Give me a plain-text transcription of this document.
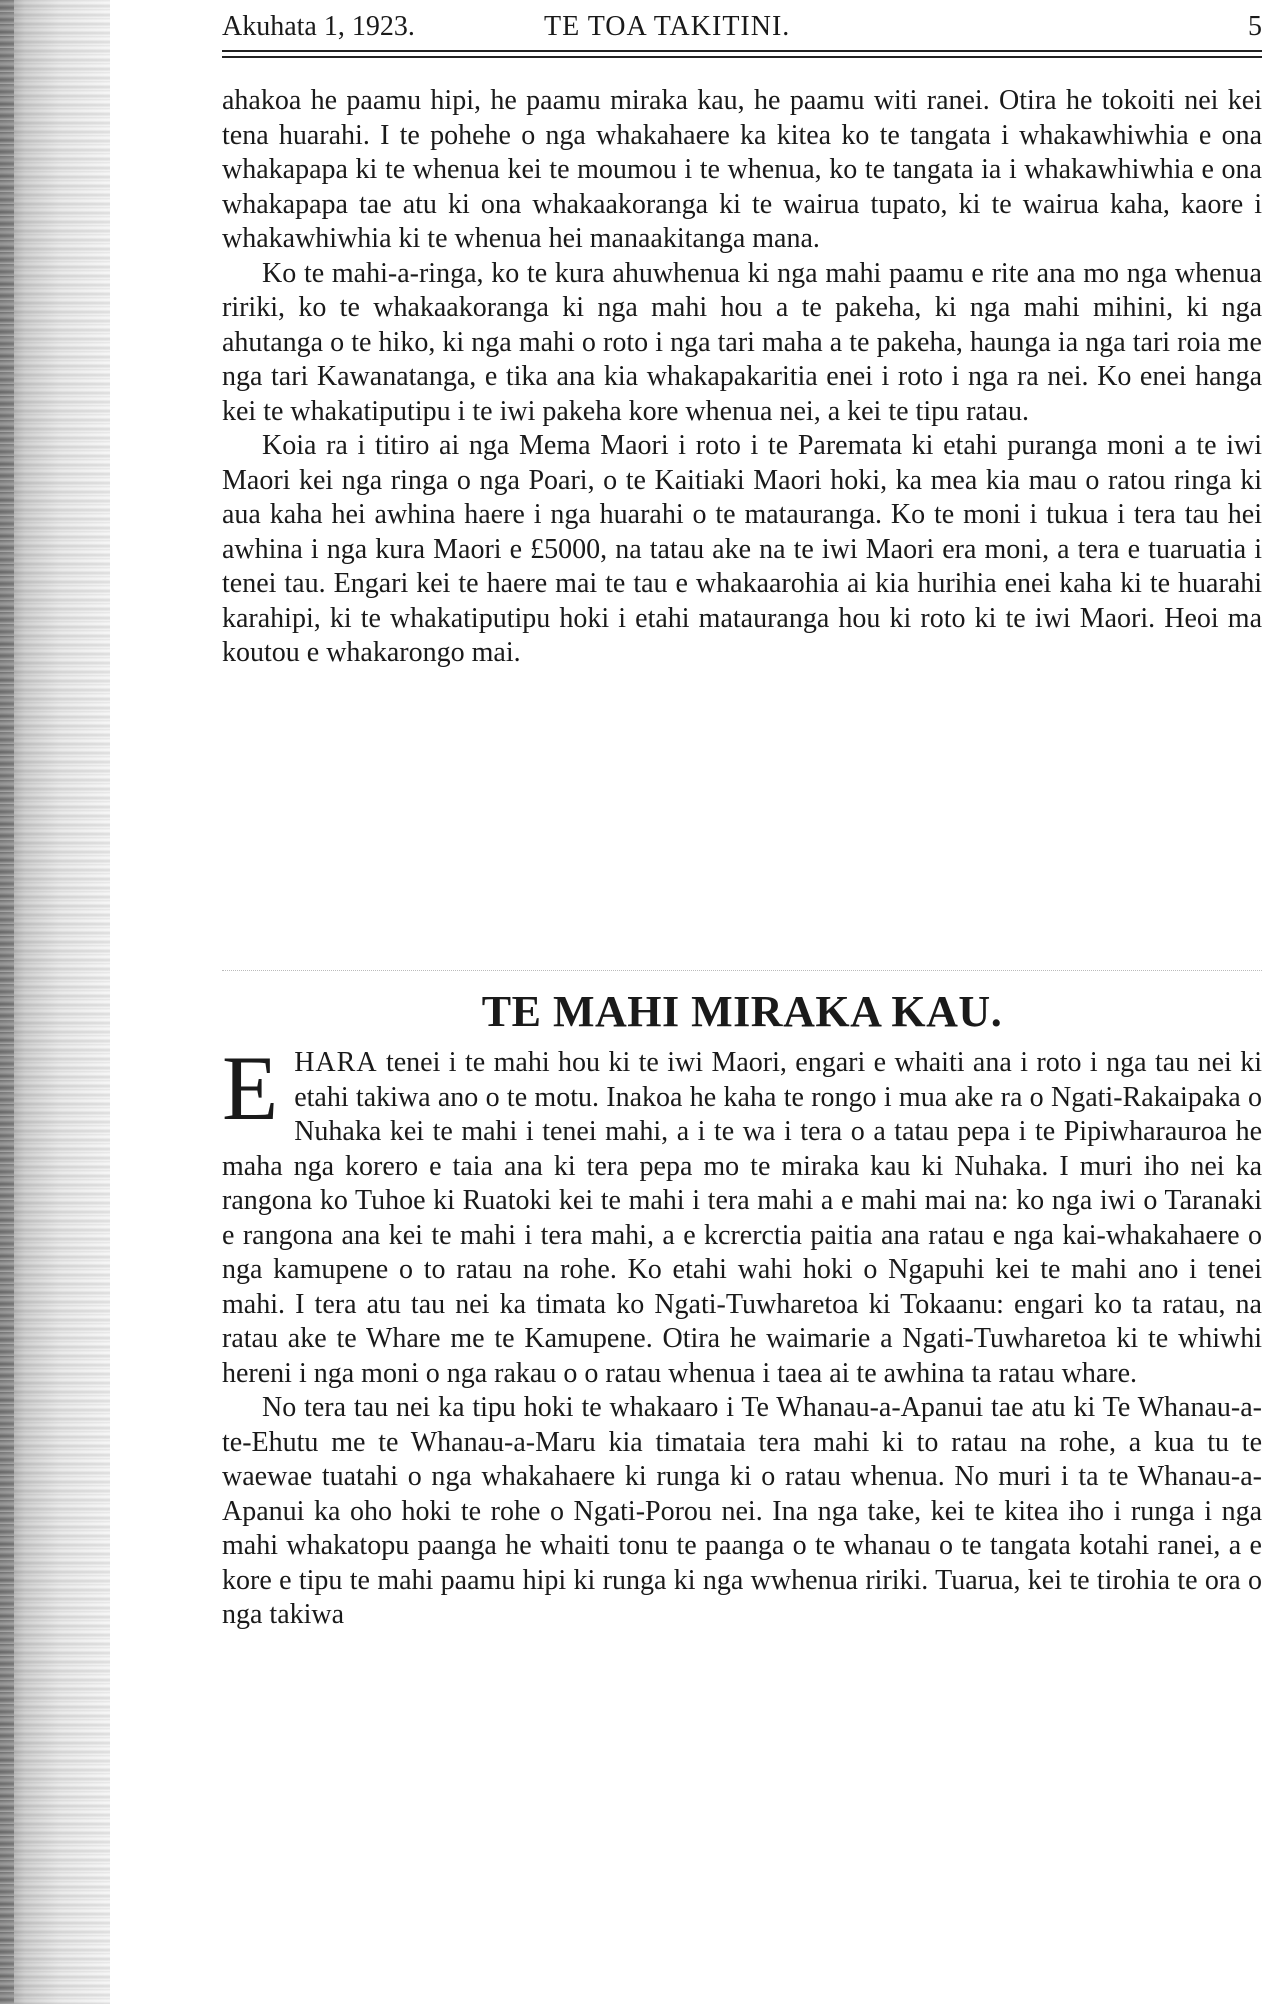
Akuhata 1, 1923.	TE TOA TAKITINI.	5

ahakoa he paamu hipi, he paamu miraka kau, he paamu witi ranei. Otira he tokoiti nei kei tena huarahi. I te pohehe o nga whakahaere ka kitea ko te tangata i whakawhiwhia e ona whakapapa ki te whenua kei te moumou i te whenua, ko te tangata ia i whakawhiwhia e ona whakapapa tae atu ki ona whakaakoranga ki te wairua tupato, ki te wairua kaha, kaore i whakawhiwhia ki te whenua hei manaakitanga mana.

Ko te mahi-a-ringa, ko te kura ahuwhenua ki nga mahi paamu e rite ana mo nga whenua ririki, ko te whakaakoranga ki nga mahi hou a te pakeha, ki nga mahi mihini, ki nga ahutanga o te hiko, ki nga mahi o roto i nga tari maha a te pakeha, haunga ia nga tari roia me nga tari Kawanatanga, e tika ana kia whakapakaritia enei i roto i nga ra nei. Ko enei hanga kei te whakatiputipu i te iwi pakeha kore whenua nei, a kei te tipu ratau.

Koia ra i titiro ai nga Mema Maori i roto i te Paremata ki etahi puranga moni a te iwi Maori kei nga ringa o nga Poari, o te Kaitiaki Maori hoki, ka mea kia mau o ratou ringa ki aua kaha hei awhina haere i nga huarahi o te matauranga. Ko te moni i tukua i tera tau hei awhina i nga kura Maori e £5000, na tatau ake na te iwi Maori era moni, a tera e tuaruatia i tenei tau. Engari kei te haere mai te tau e whakaarohia ai kia hurihia enei kaha ki te huarahi karahipi, ki te whakatiputipu hoki i etahi matauranga hou ki roto ki te iwi Maori. Heoi ma koutou e whakarongo mai.

TE MAHI MIRAKA KAU.

EHARA tenei i te mahi hou ki te iwi Maori, engari e whaiti ana i roto i nga tau nei ki etahi takiwa ano o te motu. Inakoa he kaha te rongo i mua ake ra o Ngati-Rakaipaka o Nuhaka kei te mahi i tenei mahi, a i te wa i tera o a tatau pepa i te Pipiwharauroa he maha nga korero e taia ana ki tera pepa mo te miraka kau ki Nuhaka. I muri iho nei ka rangona ko Tuhoe ki Ruatoki kei te mahi i tera mahi a e mahi mai na: ko nga iwi o Taranaki e rangona ana kei te mahi i tera mahi, a e kcrerctia paitia ana ratau e nga kai-whakahaere o nga kamupene o to ratau na rohe. Ko etahi wahi hoki o Ngapuhi kei te mahi ano i tenei mahi. I tera atu tau nei ka timata ko Ngati-Tuwharetoa ki Tokaanu: engari ko ta ratau, na ratau ake te Whare me te Kamupene. Otira he waimarie a Ngati-Tuwharetoa ki te whiwhi hereni i nga moni o nga rakau o o ratau whenua i taea ai te awhina ta ratau whare.

No tera tau nei ka tipu hoki te whakaaro i Te Whanau-a-Apanui tae atu ki Te Whanau-a-te-Ehutu me te Whanau-a-Maru kia timataia tera mahi ki to ratau na rohe, a kua tu te waewae tuatahi o nga whakahaere ki runga ki o ratau whenua. No muri i ta te Whanau-a-Apanui ka oho hoki te rohe o Ngati-Porou nei. Ina nga take, kei te kitea iho i runga i nga mahi whakatopu paanga he whaiti tonu te paanga o te whanau o te tangata kotahi ranei, a e kore e tipu te mahi paamu hipi ki runga ki nga wwhenua ririki. Tuarua, kei te tirohia te ora o nga takiwa
